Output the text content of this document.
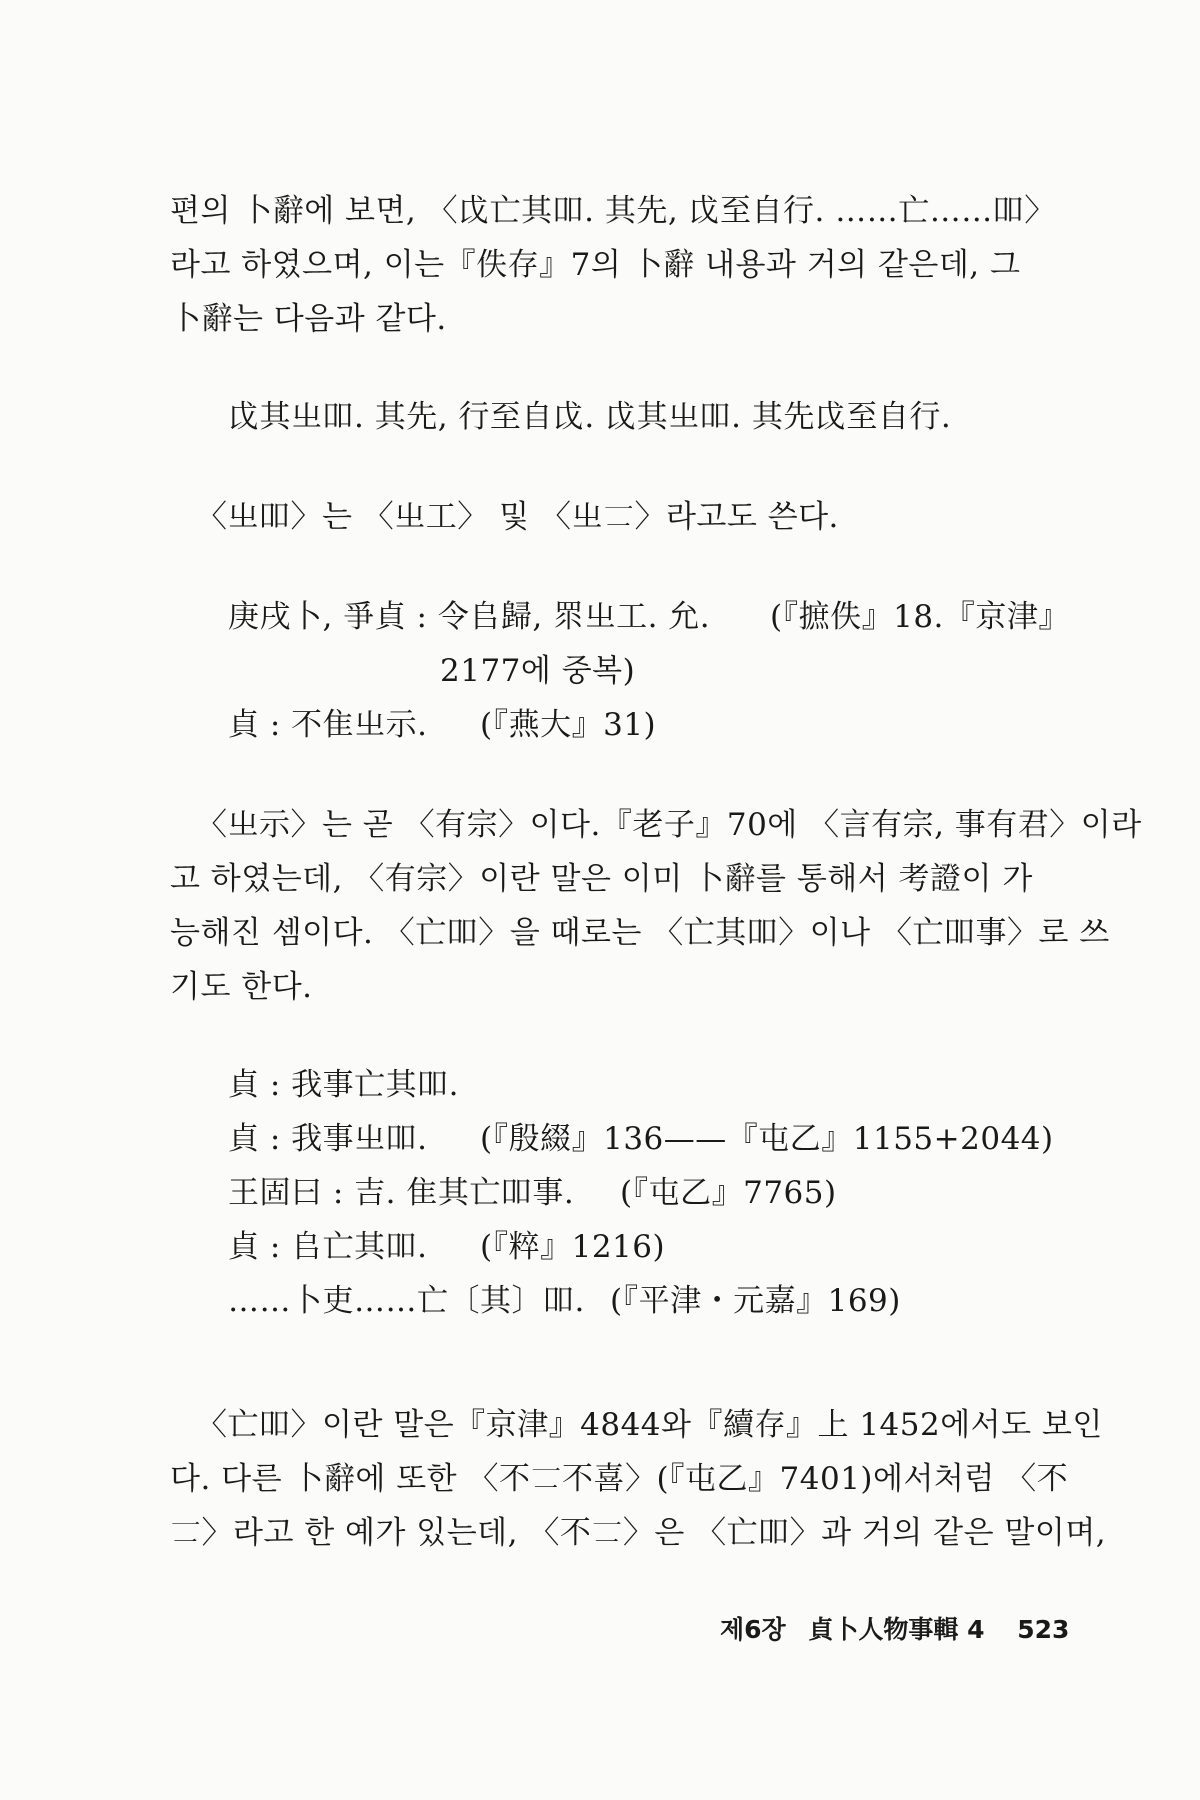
편의 卜辭에 보면, 〈戉亡其吅. 其先, 戉至自行. ……亡……吅〉
라고 하였으며, 이는『佚存』7의 卜辭 내용과 거의 같은데, 그
卜辭는 다음과 같다.
戉其㞢吅. 其先, 行至自戉. 戉其㞢吅. 其先戉至自行.
〈㞢吅〉는 〈㞢工〉 및 〈㞢𠄟〉라고도 쓴다.
庚戌卜, 爭貞 : 令𠂤歸, 眔㞢工. 允. (『摭佚』18.『京津』
2177에 중복)
貞 : 不隹㞢示. (『燕大』31)
〈㞢示〉는 곧 〈有宗〉이다.『老子』70에 〈言有宗, 事有君〉이라
고 하였는데, 〈有宗〉이란 말은 이미 卜辭를 통해서 考證이 가
능해진 셈이다. 〈亡吅〉을 때로는 〈亡其吅〉이나 〈亡吅事〉로 쓰
기도 한다.
貞 : 我事亡其吅.
貞 : 我事㞢吅. (『殷綴』136——『屯乙』1155+2044)
王固曰 : 吉. 隹其亡吅事. (『屯乙』7765)
貞 : 𠂤亡其吅. (『粹』1216)
……卜吏……亡〔其〕吅. (『平津・元嘉』169)
〈亡吅〉이란 말은『京津』4844와『續存』上 1452에서도 보인
다. 다른 卜辭에 또한 〈不𠄟不喜〉(『屯乙』7401)에서처럼 〈不
𠄟〉라고 한 예가 있는데, 〈不𠄟〉은 〈亡吅〉과 거의 같은 말이며,
제6장 貞卜人物事輯 4 523
